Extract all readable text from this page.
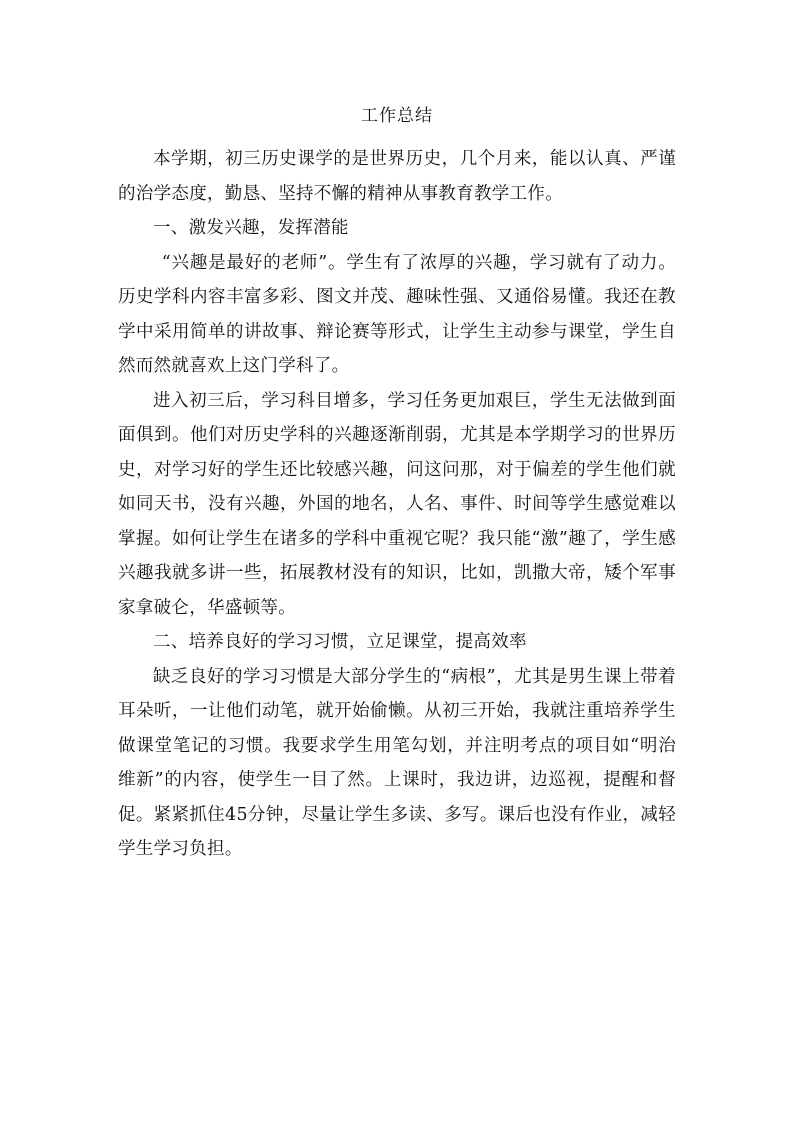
工作总结

本学期，初三历史课学的是世界历史，几个月来，能以认真、严谨的治学态度，勤恳、坚持不懈的精神从事教育教学工作。

一、激发兴趣，发挥潜能

“兴趣是最好的老师”。学生有了浓厚的兴趣，学习就有了动力。历史学科内容丰富多彩、图文并茂、趣味性强、又通俗易懂。我还在教学中采用简单的讲故事、辩论赛等形式，让学生主动参与课堂，学生自然而然就喜欢上这门学科了。

进入初三后，学习科目增多，学习任务更加艰巨，学生无法做到面面俱到。他们对历史学科的兴趣逐渐削弱，尤其是本学期学习的世界历史，对学习好的学生还比较感兴趣，问这问那，对于偏差的学生他们就如同天书，没有兴趣，外国的地名，人名、事件、时间等学生感觉难以掌握。如何让学生在诸多的学科中重视它呢？我只能“激”趣了，学生感兴趣我就多讲一些，拓展教材没有的知识，比如，凯撒大帝，矮个军事家拿破仑，华盛顿等。

二、培养良好的学习习惯，立足课堂，提高效率

缺乏良好的学习习惯是大部分学生的“病根”，尤其是男生课上带着耳朵听，一让他们动笔，就开始偷懒。从初三开始，我就注重培养学生做课堂笔记的习惯。我要求学生用笔勾划，并注明考点的项目如“明治维新”的内容，使学生一目了然。上课时，我边讲，边巡视，提醒和督促。紧紧抓住45分钟，尽量让学生多读、多写。课后也没有作业，减轻学生学习负担。
